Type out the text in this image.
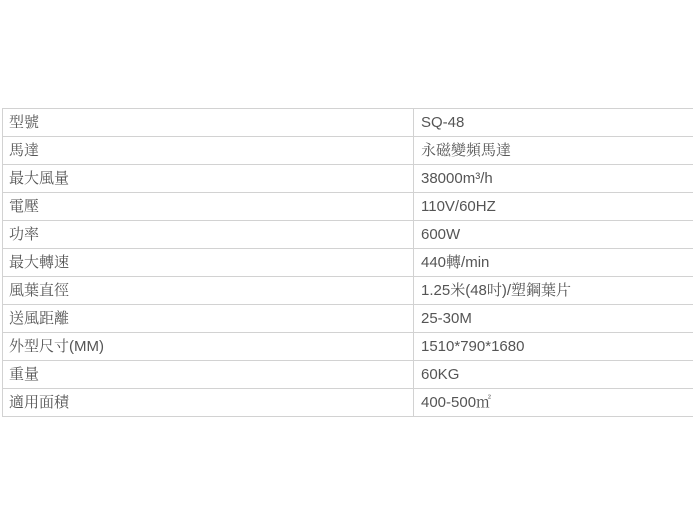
型號	SQ-48
馬達	永磁變頻馬達
最大風量	38000m³/h
電壓	110V/60HZ
功率	600W
最大轉速	440轉/min
風葉直徑	1.25米(48吋)/塑鋼葉片
送風距離	25-30M
外型尺寸(MM)	1510*790*1680
重量	60KG
適用面積	400-500㎡
